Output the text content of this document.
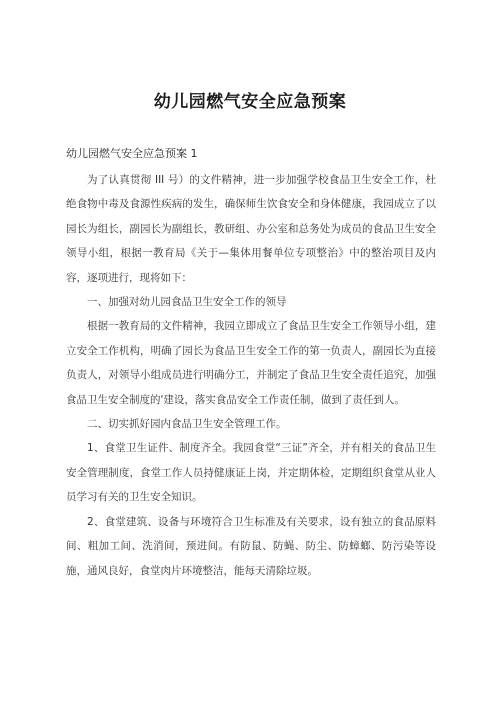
幼儿园燃气安全应急预案
幼儿园燃气安全应急预案 1

为了认真贯彻 III 号）的文件精神，进一步加强学校食品卫生安全工作，杜绝食物中毒及食源性疾病的发生，确保师生饮食安全和身体健康，我园成立了以园长为组长，副园长为副组长，教研组、办公室和总务处为成员的食品卫生安全领导小组，根据一教育局《关于—集体用餐单位专项整治》中的整治项目及内容，逐项进行，现将如下：

一、加强对幼儿园食品卫生安全工作的领导

根据一教育局的文件精神，我园立即成立了食品卫生安全工作领导小组，建立安全工作机构，明确了园长为食品卫生安全工作的第一负责人，副园长为直接负责人，对领导小组成员进行明确分工，并制定了食品卫生安全责任追究，加强食品卫生安全制度的'建设，落实食品安全工作责任制，做到了责任到人。

二、切实抓好园内食品卫生安全管理工作。

1、食堂卫生证件、制度齐全。我园食堂“三证”齐全，并有相关的食品卫生安全管理制度，食堂工作人员持健康证上岗，并定期体检，定期组织食堂从业人员学习有关的卫生安全知识。

2、食堂建筑、设备与环境符合卫生标准及有关要求，设有独立的食品原料间、粗加工间、洗消间，预进间。有防鼠、防蝇、防尘、防蟑螂、防污染等设施，通风良好，食堂肉片环境整洁，能每天清除垃圾。
